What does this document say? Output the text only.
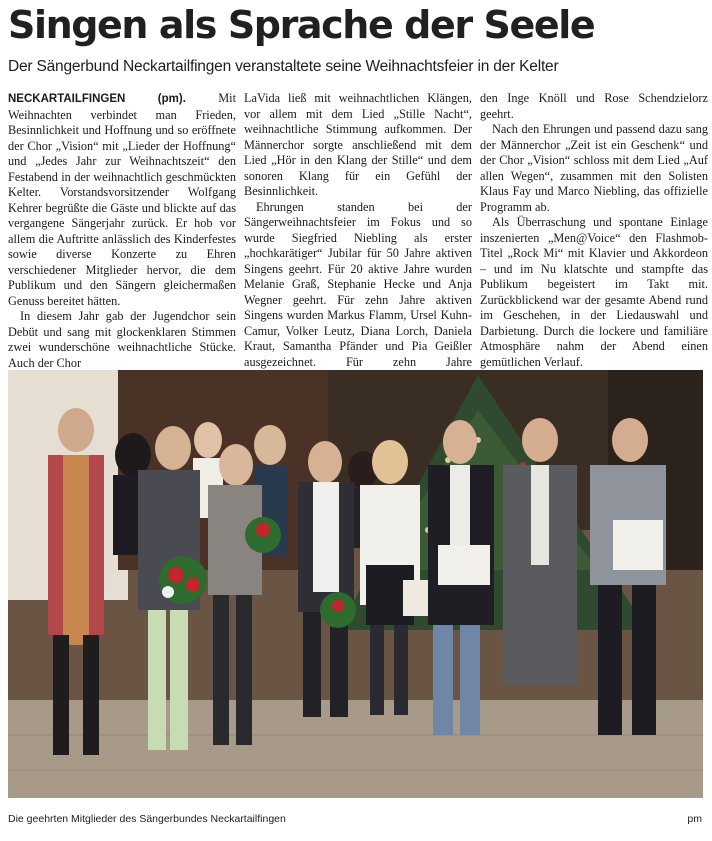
Singen als Sprache der Seele
Der Sängerbund Neckartailfingen veranstaltete seine Weihnachtsfeier in der Kelter

NECKARTAILFINGEN (pm).	Mit Weihnachten verbindet man Frieden, Besinnlichkeit und Hoffnung und so eröffnete der Chor „Vision“ mit „Lieder der Hoffnung“ und „Jedes Jahr zur Weihnachtszeit“ den Festabend in der weihnachtlich geschmückten Kelter. Vorstandsvorsitzender Wolfgang Kehrer begrüßte die Gäste und blickte auf das vergangene Sängerjahr zurück. Er hob vor allem die Auftritte anlässlich des Kinderfestes sowie diverse Konzerte zu Ehren verschiedener Mitglieder hervor, die dem Publikum und den Sängern gleichermaßen Genuss bereitet hätten.

In diesem Jahr gab der Jugendchor sein Debüt und sang mit glockenklaren Stimmen zwei wunderschöne weihnachtliche Stücke. Auch der Chor

LaVida ließ mit weihnachtlichen Klängen, vor allem mit dem Lied „Stille Nacht“, weihnachtliche Stimmung aufkommen. Der Männerchor sorgte anschließend mit dem Lied „Hör in den Klang der Stille“ und dem sonoren Klang für ein Gefühl der Besinnlichkeit.

Ehrungen standen bei der Sängerweihnachtsfeier im Fokus und so wurde Siegfried Niebling als erster „hochkarätiger“ Jubilar für 50 Jahre aktiven Singens geehrt. Für 20 aktive Jahre wurden Melanie Graß, Stephanie Hecke und Anja Wegner geehrt. Für zehn Jahre aktiven Singens wurden Markus Flamm, Ursel Kuhn-Camur, Volker Leutz, Diana Lorch, Daniela Kraut, Samantha Pfänder und Pia Geißler ausgezeichnet. Für zehn Jahre

den Inge Knöll und Rose Schendzielorz geehrt.

Nach den Ehrungen und passend dazu sang der Männerchor „Zeit ist ein Geschenk“ und der Chor „Vision“ schloss mit dem Lied „Auf allen Wegen“, zusammen mit den Solisten Klaus Fay und Marco Niebling, das offizielle Programm ab.

Als Überraschung und spontane Einlage inszenierten „Men@Voice“ den Flashmob-Titel „Rock Mi“ mit Klavier und Akkordeon – und im Nu klatschte und stampfte das Publikum begeistert im Takt mit. Zurückblickend war der gesamte Abend rund im Geschehen, in der Liedauswahl und Darbietung. Durch die lockere und familiäre Atmosphäre nahm der Abend einen gemütlichen Verlauf.

Die geehrten Mitglieder des Sängerbundes Neckartailfingen	pm
